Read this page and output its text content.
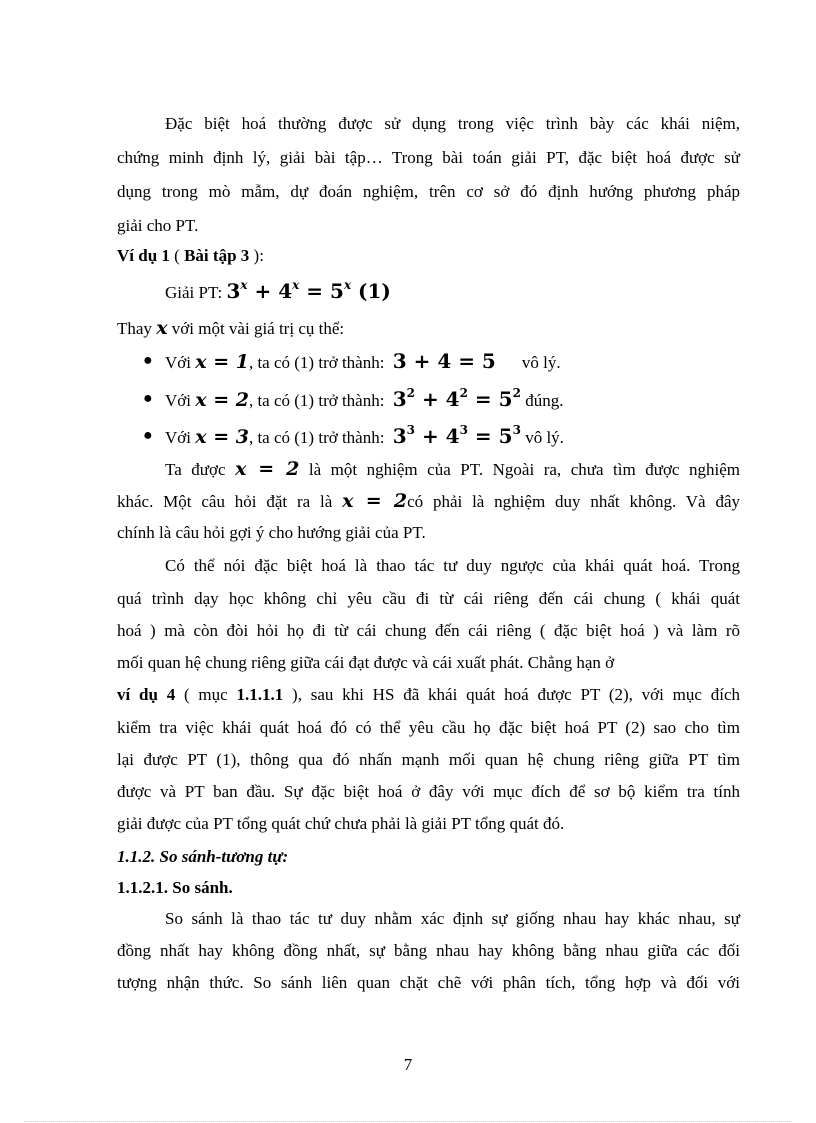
Đặc biệt hoá thường được sử dụng trong việc trình bày các khái niệm,
chứng minh định lý, giải bài tập… Trong bài toán giải PT, đặc biệt hoá được sử
dụng trong mò mẫm, dự đoán nghiệm, trên cơ sở đó định hướng phương pháp
giải cho PT.
Ví dụ 1 ( Bài tập 3 ):
Giải PT: $3^x + 4^x = 5^x$ (1)
Thay x với một vài giá trị cụ thể:
● Với x = 1, ta có (1) trở thành: 3 + 4 = 5 vô lý.
● Với x = 2, ta có (1) trở thành: $3^2 + 4^2 = 5^2$ đúng.
● Với x = 3, ta có (1) trở thành: $3^3 + 4^3 = 5^3$ vô lý.
Ta được x = 2 là một nghiệm của PT. Ngoài ra, chưa tìm được nghiệm
khác. Một câu hỏi đặt ra là x = 2có phải là nghiệm duy nhất không. Và đây
chính là câu hỏi gợi ý cho hướng giải của PT.
Có thể nói đặc biệt hoá là thao tác tư duy ngược của khái quát hoá. Trong
quá trình dạy học không chỉ yêu cầu đi từ cái riêng đến cái chung ( khái quát
hoá ) mà còn đòi hỏi họ đi từ cái chung đến cái riêng ( đặc biệt hoá ) và làm rõ
mối quan hệ chung riêng giữa cái đạt được và cái xuất phát. Chẳng hạn ở
ví dụ 4 ( mục 1.1.1.1 ), sau khi HS đã khái quát hoá được PT (2), với mục đích
kiểm tra việc khái quát hoá đó có thể yêu cầu họ đặc biệt hoá PT (2) sao cho tìm
lại được PT (1), thông qua đó nhấn mạnh mối quan hệ chung riêng giữa PT tìm
được và PT ban đầu. Sự đặc biệt hoá ở đây với mục đích để sơ bộ kiểm tra tính
giải được của PT tổng quát chứ chưa phải là giải PT tổng quát đó.
1.1.2. So sánh-tương tự:
1.1.2.1. So sánh.
So sánh là thao tác tư duy nhằm xác định sự giống nhau hay khác nhau, sự
đồng nhất hay không đồng nhất, sự bằng nhau hay không bằng nhau giữa các đối
tượng nhận thức. So sánh liên quan chặt chẽ với phân tích, tổng hợp và đối với
7
